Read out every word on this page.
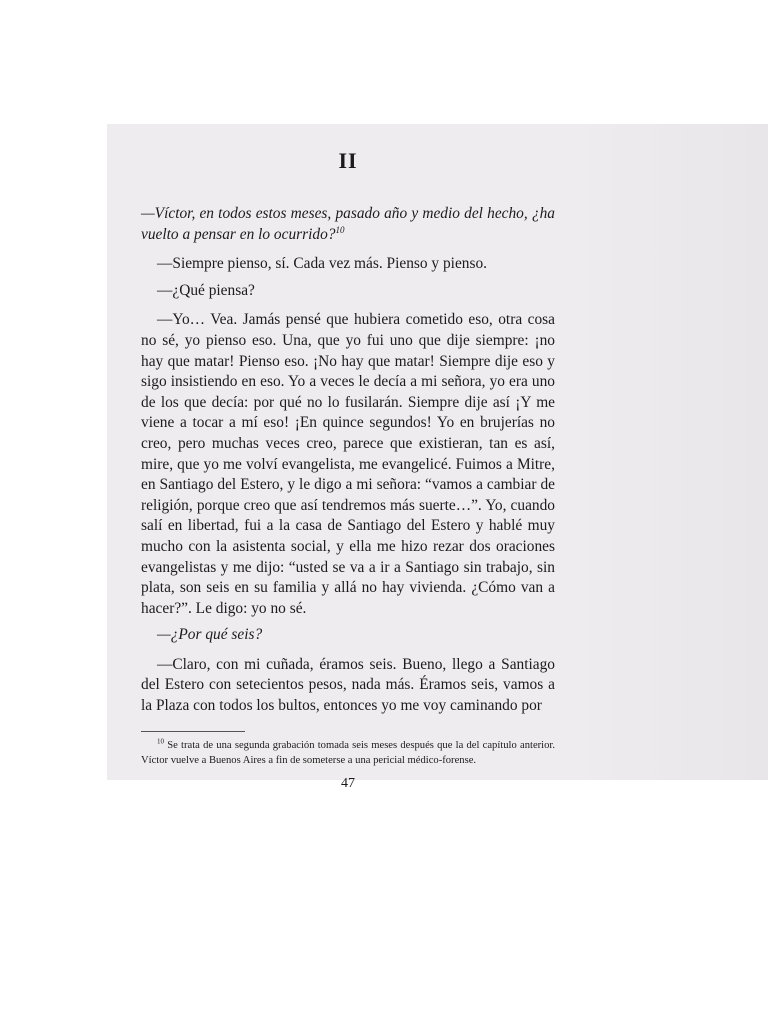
II

—Víctor, en todos estos meses, pasado año y medio del hecho, ¿ha vuelto a pensar en lo ocurrido?$^{10}$

—Siempre pienso, sí. Cada vez más. Pienso y pienso.

—¿Qué piensa?

—Yo… Vea. Jamás pensé que hubiera cometido eso, otra cosa no sé, yo pienso eso. Una, que yo fui uno que dije siempre: ¡no hay que matar! Pienso eso. ¡No hay que matar! Siempre dije eso y sigo insistiendo en eso. Yo a veces le decía a mi señora, yo era uno de los que decía: por qué no lo fusilarán. Siempre dije así ¡Y me viene a tocar a mí eso! ¡En quince segundos! Yo en brujerías no creo, pero muchas veces creo, parece que existieran, tan es así, mire, que yo me volví evangelista, me evangelicé. Fuimos a Mitre, en Santiago del Estero, y le digo a mi señora: “vamos a cambiar de religión, porque creo que así tendremos más suerte…”. Yo, cuando salí en libertad, fui a la casa de Santiago del Estero y hablé muy mucho con la asistenta social, y ella me hizo rezar dos oraciones evangelistas y me dijo: “usted se va a ir a Santiago sin trabajo, sin plata, son seis en su familia y allá no hay vivienda. ¿Cómo van a hacer?”. Le digo: yo no sé.

—¿Por qué seis?

—Claro, con mi cuñada, éramos seis. Bueno, llego a Santiago del Estero con setecientos pesos, nada más. Éramos seis, vamos a la Plaza con todos los bultos, entonces yo me voy caminando por

$^{10}$ Se trata de una segunda grabación tomada seis meses después que la del capítulo anterior. Víctor vuelve a Buenos Aires a fin de someterse a una pericial médico-forense.

47
